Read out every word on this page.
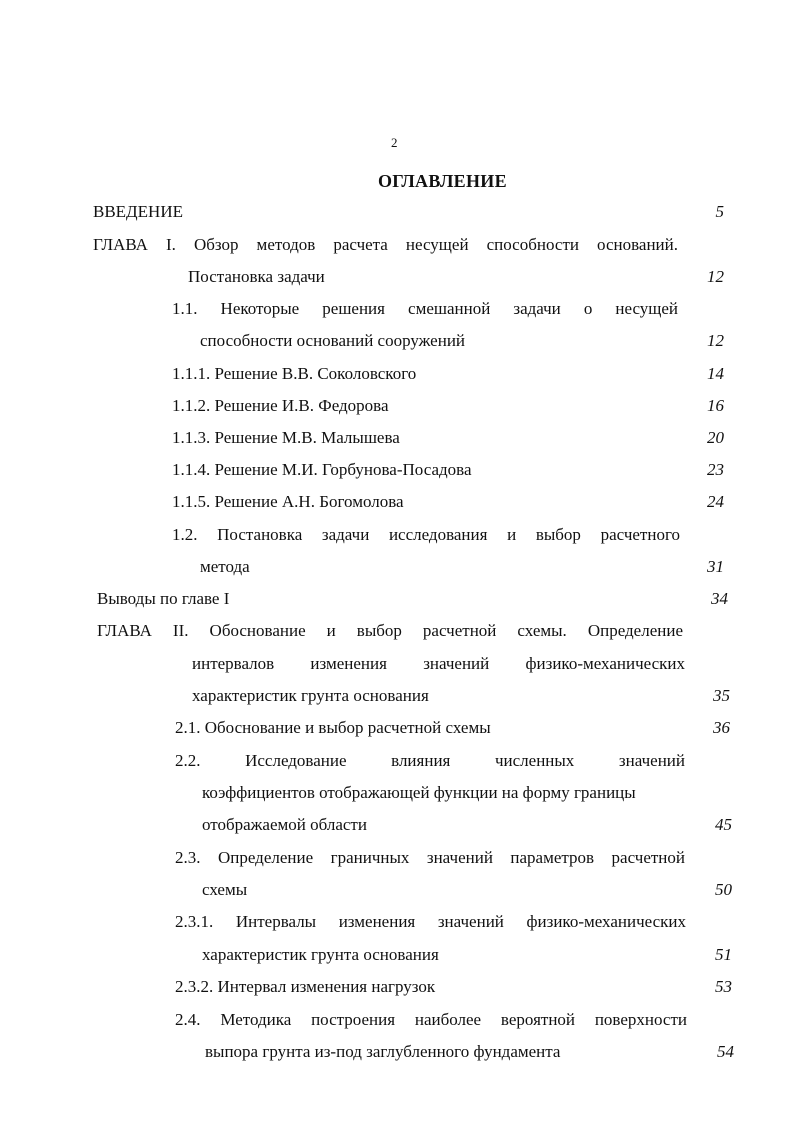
2
ОГЛАВЛЕНИЕ
ВВЕДЕНИЕ	5
ГЛАВА I. Обзор методов расчета несущей способности оснований.
Постановка задачи	12
1.1. Некоторые решения смешанной задачи о несущей
способности оснований сооружений	12
1.1.1. Решение В.В. Соколовского	14
1.1.2. Решение И.В. Федорова	16
1.1.3. Решение М.В. Малышева	20
1.1.4. Решение М.И. Горбунова-Посадова	23
1.1.5. Решение А.Н. Богомолова	24
1.2. Постановка задачи исследования и выбор расчетного
метода	31
Выводы по главе I	34
ГЛАВА II. Обоснование и выбор расчетной схемы. Определение
интервалов изменения значений физико-механических
характеристик грунта основания	35
2.1. Обоснование и выбор расчетной схемы	36
2.2. Исследование влияния численных значений
коэффициентов отображающей функции на форму границы
отображаемой области	45
2.3. Определение граничных значений параметров расчетной
схемы	50
2.3.1. Интервалы изменения значений физико-механических
характеристик грунта основания	51
2.3.2. Интервал изменения нагрузок	53
2.4. Методика построения наиболее вероятной поверхности
выпора грунта из-под заглубленного фундамента	54
